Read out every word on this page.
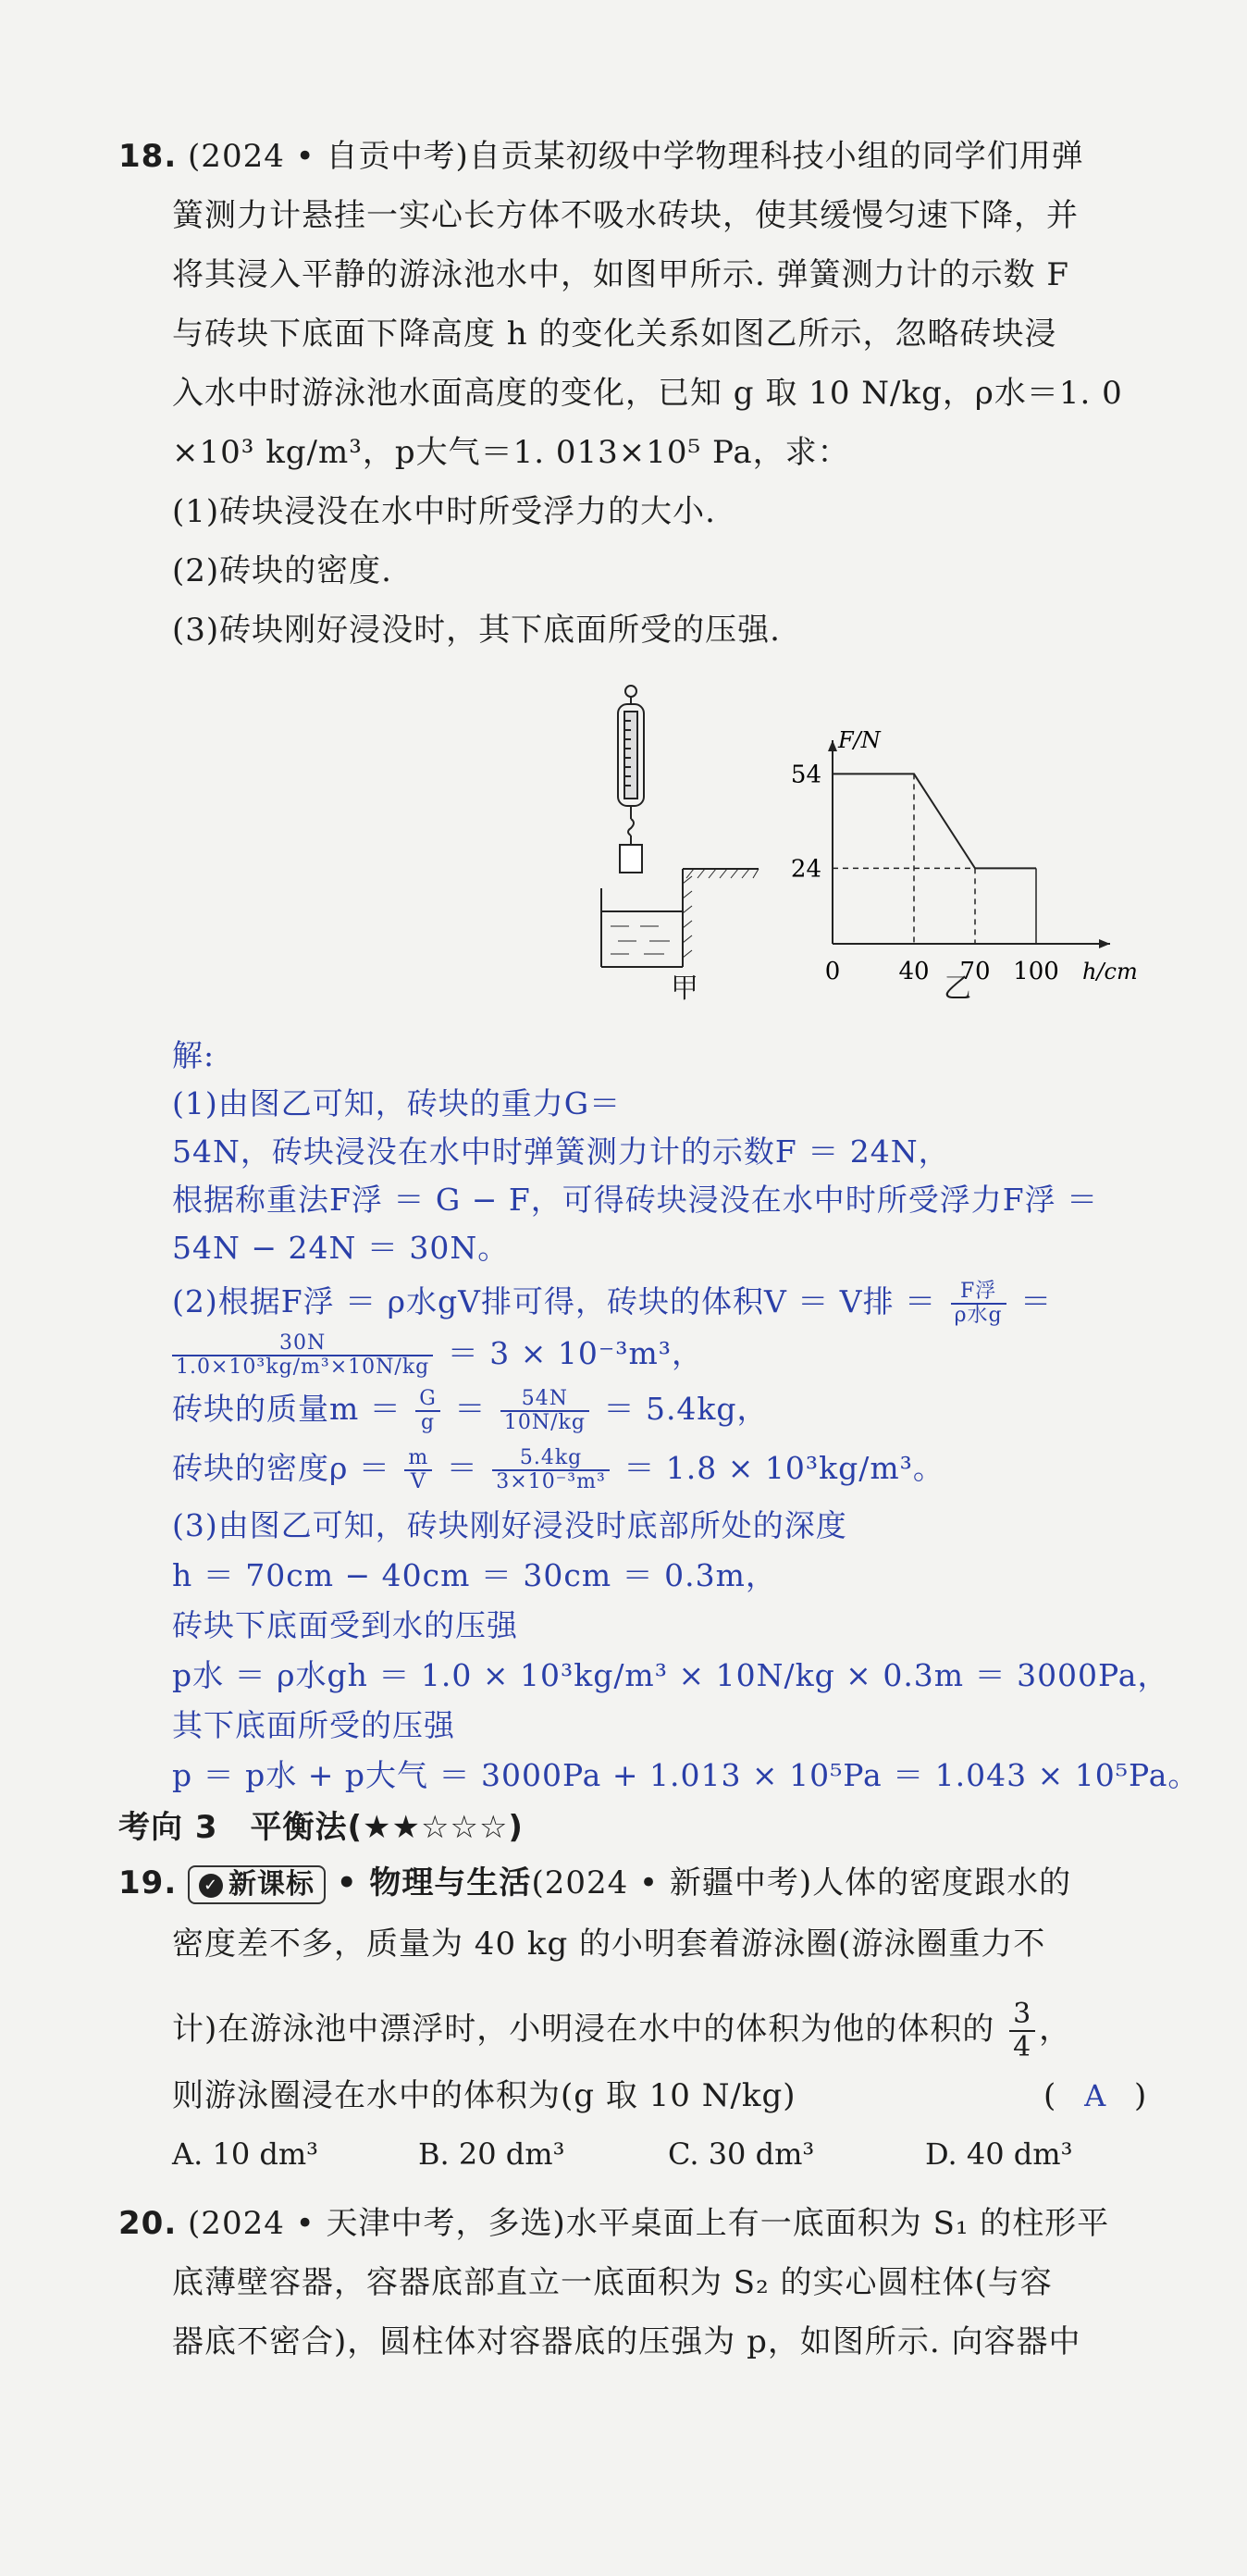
18. (2024 • 自贡中考)自贡某初级中学物理科技小组的同学们用弹
簧测力计悬挂一实心长方体不吸水砖块，使其缓慢匀速下降，并
将其浸入平静的游泳池水中，如图甲所示. 弹簧测力计的示数 F
与砖块下底面下降高度 h 的变化关系如图乙所示，忽略砖块浸
入水中时游泳池水面高度的变化，已知 g 取 10 N/kg，ρ水＝1. 0
×10³ kg/m³，p大气＝1. 013×10⁵ Pa，求：
(1)砖块浸没在水中时所受浮力的大小.
(2)砖块的密度.
(3)砖块刚好浸没时，其下底面所受的压强.
甲
F/N
h/cm
0 40 70 100
54
24
乙
解:
(1)由图乙可知，砖块的重力G＝
54N，砖块浸没在水中时弹簧测力计的示数F ＝ 24N，
根据称重法F浮 ＝ G − F，可得砖块浸没在水中时所受浮力F浮 ＝
54N − 24N ＝ 30N。
(2)根据F浮 ＝ ρ水gV排可得，砖块的体积V ＝ V排 ＝ $\frac{\text{F浮}}{\text{ρ水g}}$ ＝
$\frac{30N}{\text{1.0×10³kg/m³×10N/kg}} = 3 \times 10^{-3}m^3$，
砖块的质量$m = \frac{G}{g} = \frac{54N}{10N/kg} = 5.4kg$，
砖块的密度$\rho = \frac{m}{V} = \frac{5.4kg}{\text{3×10⁻³m³}} = 1.8 \times 10^3kg/m^3$。
(3)由图乙可知，砖块刚好浸没时底部所处的深度
h ＝ 70cm − 40cm ＝ 30cm ＝ 0.3m，
砖块下底面受到水的压强
p水 ＝ ρ水gh ＝ 1.0 × 10³kg/m³ × 10N/kg × 0.3m ＝ 3000Pa，
其下底面所受的压强
p ＝ p水 + p大气 ＝ 3000Pa + 1.013 × 10⁵Pa ＝ 1.043 × 10⁵Pa。
考向 3　平衡法(★★☆☆☆)
19. ✓ 新课标 • 物理与生活(2024 • 新疆中考)人体的密度跟水的
密度差不多，质量为 40 kg 的小明套着游泳圈(游泳圈重力不
计)在游泳池中漂浮时，小明浸在水中的体积为他的体积的 $\frac{3}{4}$ ，
则游泳圈浸在水中的体积为(g 取 10 N/kg)	( A )
A. 10 dm³	B. 20 dm³	C. 30 dm³	D. 40 dm³
20. (2024 • 天津中考，多选)水平桌面上有一底面积为 S₁ 的柱形平
底薄壁容器，容器底部直立一底面积为 S₂ 的实心圆柱体(与容
器底不密合)，圆柱体对容器底的压强为 p，如图所示. 向容器中
